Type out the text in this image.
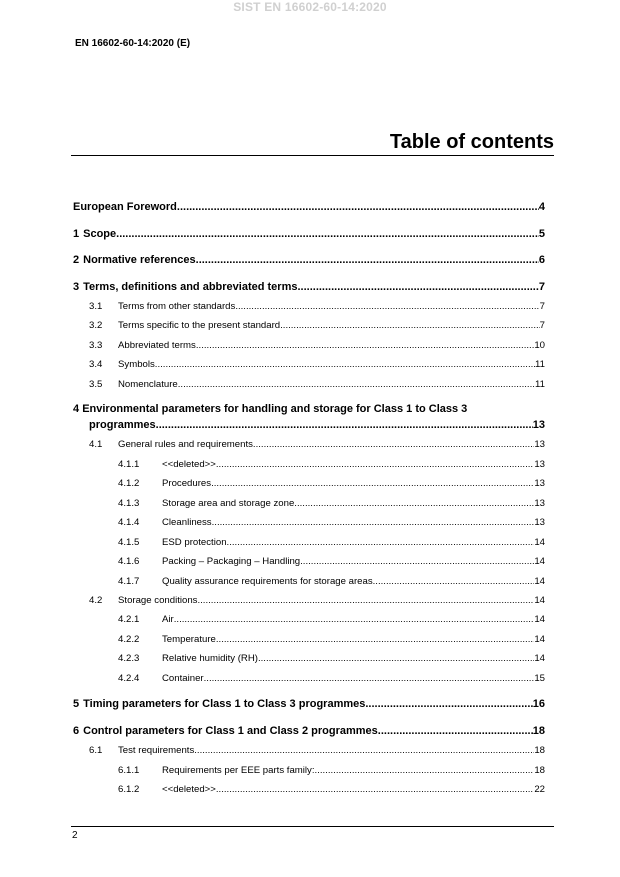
SIST EN 16602-60-14:2020
EN 16602-60-14:2020 (E)
Table of contents
European Foreword .....	4
1 Scope .....	5
2 Normative references .....	6
3 Terms, definitions and abbreviated terms .....	7
3.1	Terms from other standards .....	7
3.2	Terms specific to the present standard .....	7
3.3	Abbreviated terms .....	10
3.4	Symbols .....	11
3.5	Nomenclature .....	11
4 Environmental parameters for handling and storage for Class 1 to Class 3
programmes .....	13
4.1	General rules and requirements .....	13
4.1.1	<<deleted>> .....	13
4.1.2	Procedures .....	13
4.1.3	Storage area and storage zone .....	13
4.1.4	Cleanliness .....	13
4.1.5	ESD protection .....	14
4.1.6	Packing – Packaging – Handling .....	14
4.1.7	Quality assurance requirements for storage areas .....	14
4.2	Storage conditions .....	14
4.2.1	Air .....	14
4.2.2	Temperature .....	14
4.2.3	Relative humidity (RH) .....	14
4.2.4	Container .....	15
5 Timing parameters for Class 1 to Class 3 programmes .....	16
6 Control parameters for Class 1 and Class 2 programmes .....	18
6.1	Test requirements .....	18
6.1.1	Requirements per EEE parts family: .....	18
6.1.2	<<deleted>> .....	22
2
